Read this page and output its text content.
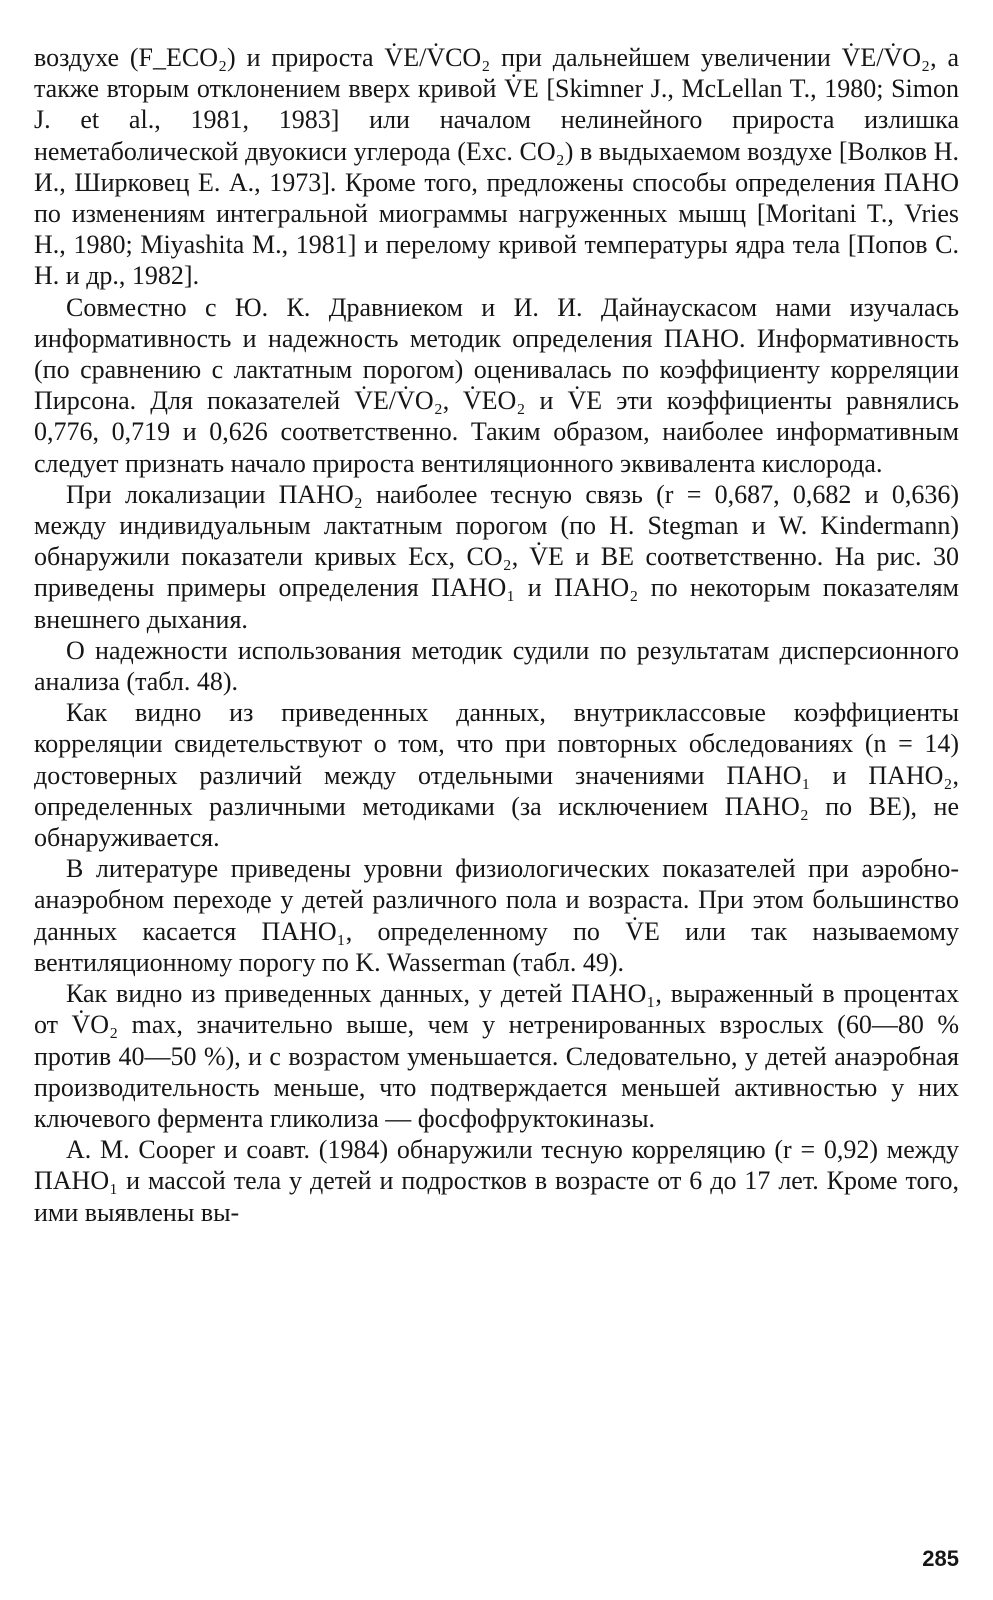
воздухе (F_ECO₂) и прироста V̇E/V̇CO₂ при дальнейшем увеличении V̇E/V̇O₂, а также вторым отклонением вверх кривой V̇E [Skimner J., McLellan T., 1980; Simon J. et al., 1981, 1983] или началом нелинейного прироста излишка неметаболической двуокиси углерода (Exc. CO₂) в выдыхаемом воздухе [Волков Н. И., Ширковец Е. А., 1973]. Кроме того, предложены способы определения ПАНО по изменениям интегральной миограммы нагруженных мышц [Moritani T., Vries H., 1980; Miyashita M., 1981] и перелому кривой температуры ядра тела [Попов С. Н. и др., 1982].

Совместно с Ю. К. Дравниеком и И. И. Дайнаускасом нами изучалась информативность и надежность методик определения ПАНО. Информативность (по сравнению с лактатным порогом) оценивалась по коэффициенту корреляции Пирсона. Для показателей V̇E/V̇O₂, V̇EO₂ и V̇E эти коэффициенты равнялись 0,776, 0,719 и 0,626 соответственно. Таким образом, наиболее информативным следует признать начало прироста вентиляционного эквивалента кислорода.

При локализации ПАНО₂ наиболее тесную связь (r = 0,687, 0,682 и 0,636) между индивидуальным лактатным порогом (по H. Stegman и W. Kindermann) обнаружили показатели кривых Ecx, CO₂, V̇E и BE соответственно. На рис. 30 приведены примеры определения ПАНО₁ и ПАНО₂ по некоторым показателям внешнего дыхания.

О надежности использования методик судили по результатам дисперсионного анализа (табл. 48).

Как видно из приведенных данных, внутриклассовые коэффициенты корреляции свидетельствуют о том, что при повторных обследованиях (n = 14) достоверных различий между отдельными значениями ПАНО₁ и ПАНО₂, определенных различными методиками (за исключением ПАНО₂ по BE), не обнаруживается.

В литературе приведены уровни физиологических показателей при аэробно-анаэробном переходе у детей различного пола и возраста. При этом большинство данных касается ПАНО₁, определенному по V̇E или так называемому вентиляционному порогу по K. Wasserman (табл. 49).

Как видно из приведенных данных, у детей ПАНО₁, выраженный в процентах от V̇O₂ max, значительно выше, чем у нетренированных взрослых (60—80 % против 40—50 %), и с возрастом уменьшается. Следовательно, у детей анаэробная производительность меньше, что подтверждается меньшей активностью у них ключевого фермента гликолиза — фосфофруктокиназы.

A. M. Cooper и соавт. (1984) обнаружили тесную корреляцию (r = 0,92) между ПАНО₁ и массой тела у детей и подростков в возрасте от 6 до 17 лет. Кроме того, ими выявлены вы-

285
